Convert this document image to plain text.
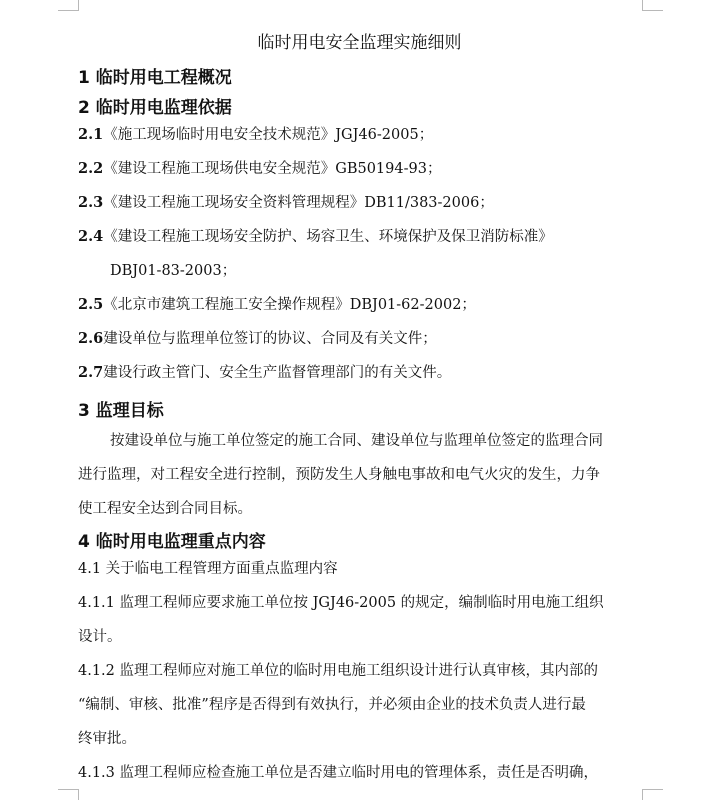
临时用电安全监理实施细则
1 临时用电工程概况
2 临时用电监理依据
2.1《施工现场临时用电安全技术规范》JGJ46-2005；
2.2《建设工程施工现场供电安全规范》GB50194-93；
2.3《建设工程施工现场安全资料管理规程》DB11/383-2006；
2.4《建设工程施工现场安全防护、场容卫生、环境保护及保卫消防标准》
DBJ01-83-2003；
2.5《北京市建筑工程施工安全操作规程》DBJ01-62-2002；
2.6建设单位与监理单位签订的协议、合同及有关文件；
2.7建设行政主管门、安全生产监督管理部门的有关文件。
3 监理目标
按建设单位与施工单位签定的施工合同、建设单位与监理单位签定的监理合同
进行监理，对工程安全进行控制，预防发生人身触电事故和电气火灾的发生，力争
使工程安全达到合同目标。
4 临时用电监理重点内容
4.1 关于临电工程管理方面重点监理内容
4.1.1 监理工程师应要求施工单位按 JGJ46-2005 的规定，编制临时用电施工组织
设计。
4.1.2 监理工程师应对施工单位的临时用电施工组织设计进行认真审核，其内部的
“编制、审核、批准”程序是否得到有效执行，并必须由企业的技术负责人进行最
终审批。
4.1.3 监理工程师应检查施工单位是否建立临时用电的管理体系，责任是否明确，
